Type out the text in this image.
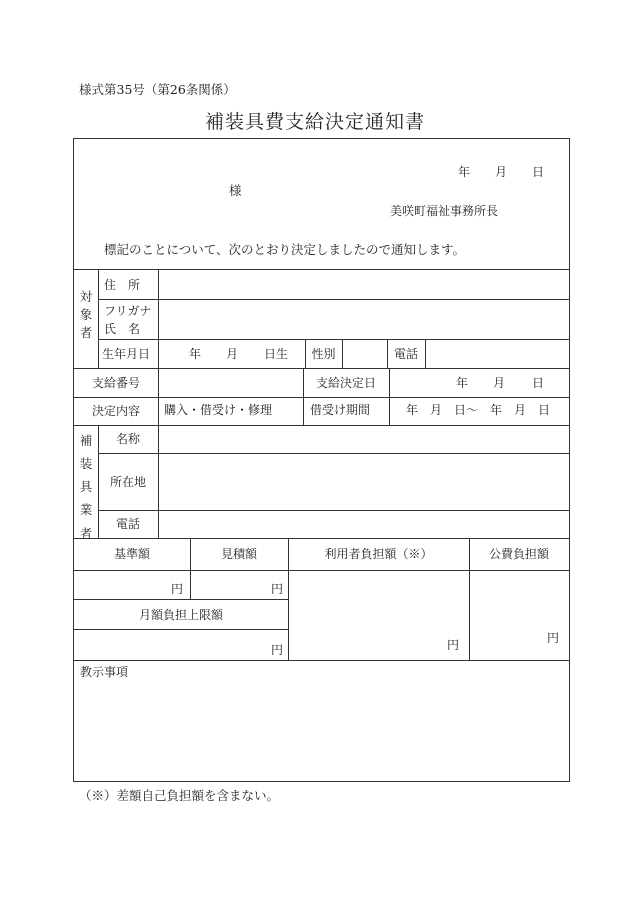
様式第35号（第26条関係）
補装具費支給決定通知書
年 月 日
様
美咲町福祉事務所長
標記のことについて、次のとおり決定しましたので通知します。
対
象
者
住　所
フリガナ
氏　名
生年月日	年 月 日生	性別	電話
支給番号	支給決定日	年 月 日
決定内容	購入・借受け・修理	借受け期間	年　月　日～　年　月　日
補
装
具
業
者
名称
所在地
電話
基準額	見積額	利用者負担額（※）	公費負担額
円	円
月額負担上限額
円	円	円
教示事項
（※）差額自己負担額を含まない。
